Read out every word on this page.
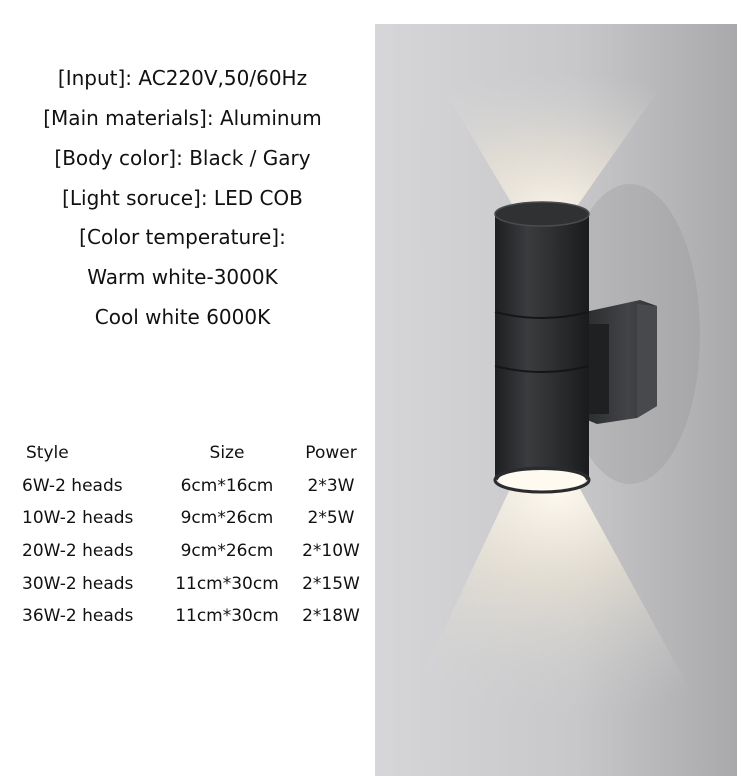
[Input]: AC220V,50/60Hz
[Main materials]: Aluminum
[Body color]: Black / Gary
[Light soruce]: LED COB
[Color temperature]:
Warm white-3000K
Cool white 6000K
Style	Size	Power
6W-2 heads	6cm*16cm	2*3W
10W-2 heads	9cm*26cm	2*5W
20W-2 heads	9cm*26cm	2*10W
30W-2 heads	11cm*30cm	2*15W
36W-2 heads	11cm*30cm	2*18W
